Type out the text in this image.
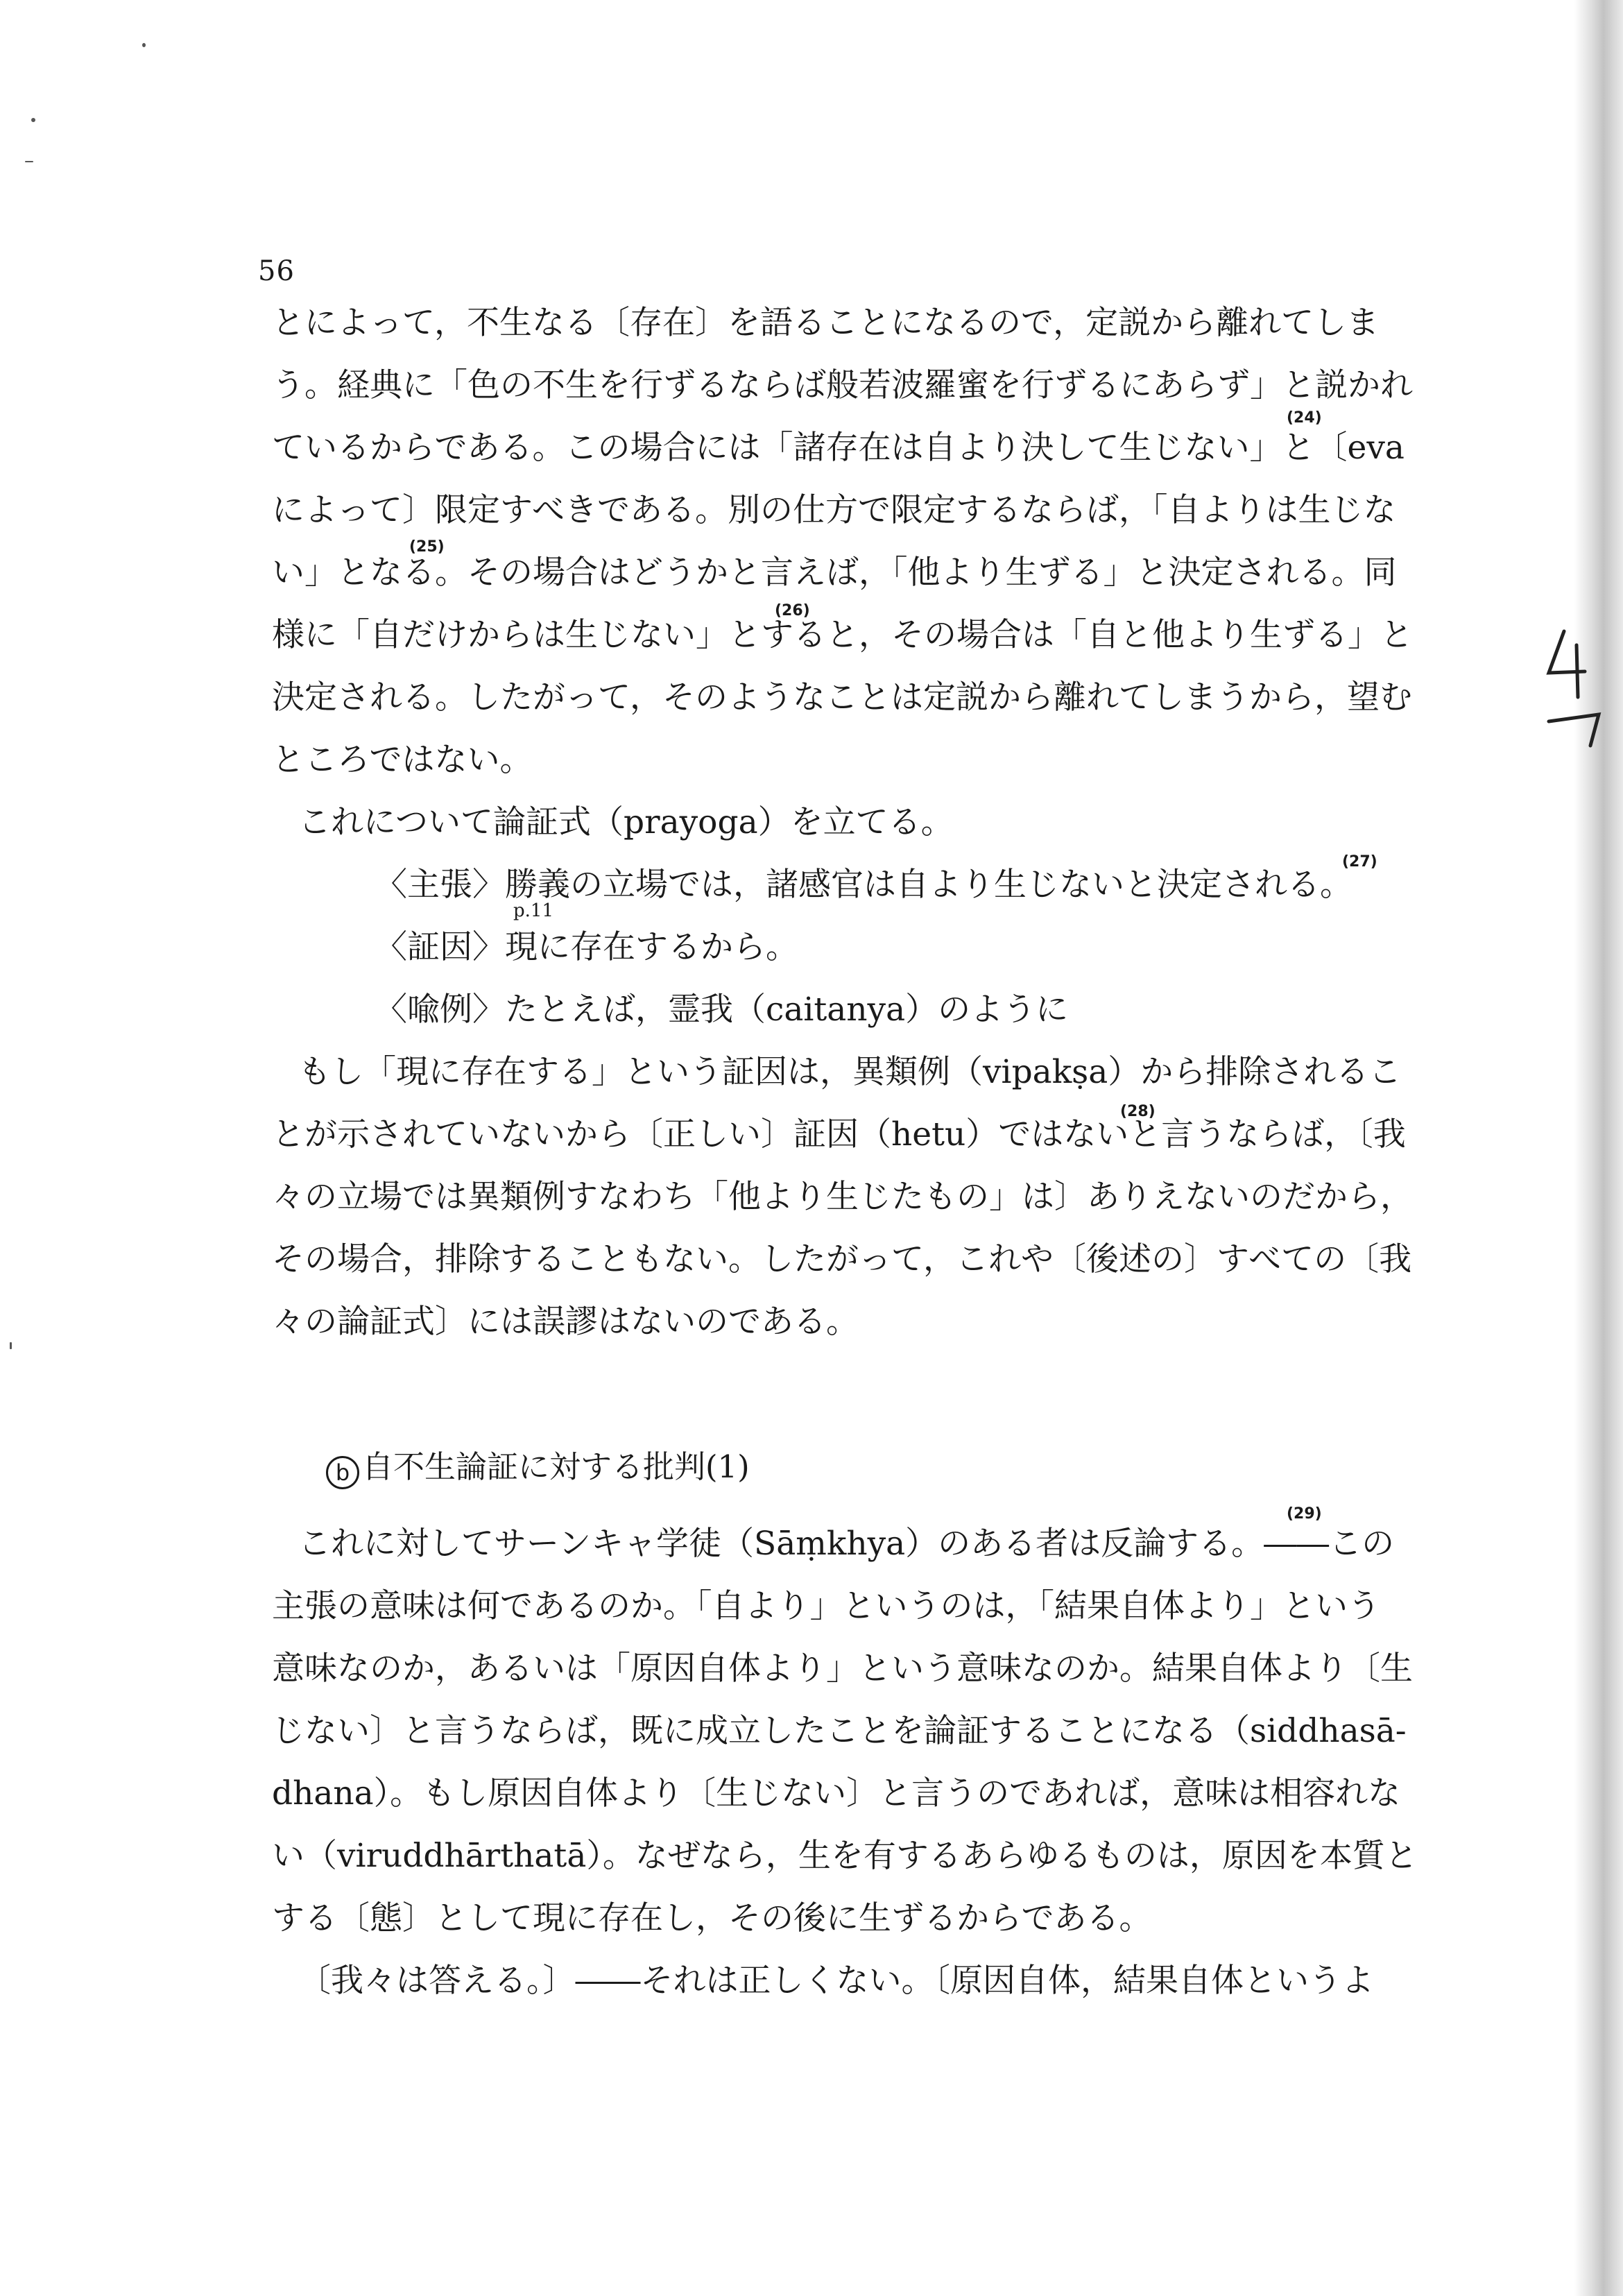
56
とによって，不生なる〔存在〕を語ることになるので，定説から離れてしま
う。経典に「色の不生を行ずるならば般若波羅蜜を行ずるにあらず」と説かれ
ているからである。この場合には「諸存在は自より決して生じない」と〔eva
によって〕限定すべきである。別の仕方で限定するならば，「自よりは生じな
い」となる。その場合はどうかと言えば，「他より生ずる」と決定される。同
様に「自だけからは生じない」とすると，その場合は「自と他より生ずる」と
決定される。したがって，そのようなことは定説から離れてしまうから，望む
ところではない。
これについて論証式（prayoga）を立てる。
〈主張〉勝義の立場では，諸感官は自より生じないと決定される。
〈証因〉現に存在するから。
〈喩例〉たとえば，霊我（caitanya）のように
もし「現に存在する」という証因は，異類例（vipakṣa）から排除されるこ
とが示されていないから〔正しい〕証因（hetu）ではないと言うならば，〔我
々の立場では異類例すなわち「他より生じたもの」は〕ありえないのだから，
その場合，排除することもない。したがって，これや〔後述の〕すべての〔我
々の論証式〕には誤謬はないのである。
b 自不生論証に対する批判(1)
これに対してサーンキャ学徒（Sāṃkhya）のある者は反論する。――この
主張の意味は何であるのか。「自より」というのは，「結果自体より」という
意味なのか，あるいは「原因自体より」という意味なのか。結果自体より〔生
じない〕と言うならば，既に成立したことを論証することになる（siddhasā-
dhana）。もし原因自体より〔生じない〕と言うのであれば，意味は相容れな
い（viruddhārthatā）。なぜなら，生を有するあらゆるものは，原因を本質と
する〔態〕として現に存在し，その後に生ずるからである。
〔我々は答える。〕――それは正しくない。〔原因自体，結果自体というよ
(24)
(25)
(26)
(27)
(28)
(29)
p.11
